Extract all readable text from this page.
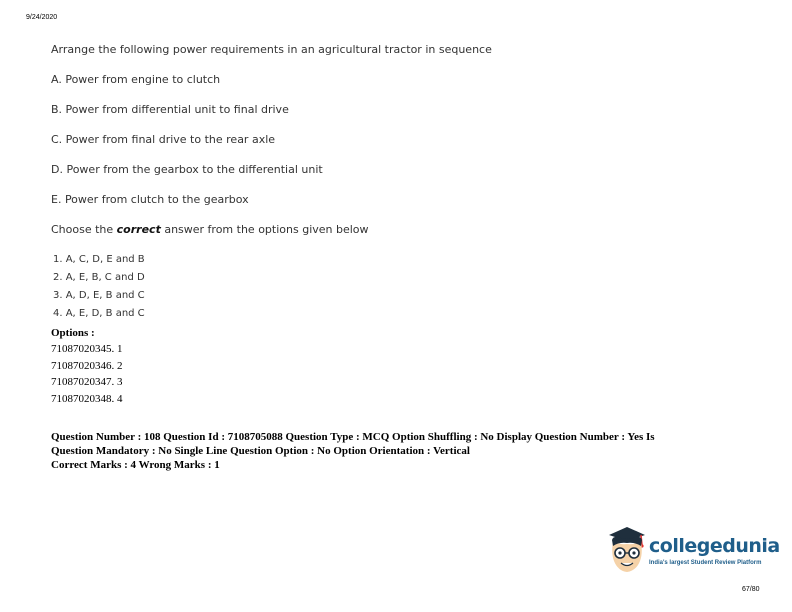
9/24/2020
Arrange the following power requirements in an agricultural tractor in sequence
A. Power from engine to clutch
B. Power from differential unit to final drive
C. Power from final drive to the rear axle
D. Power from the gearbox to the differential unit
E. Power from clutch to the gearbox
Choose the correct answer from the options given below
1. A, C, D, E and B
2. A, E, B, C and D
3. A, D, E, B and C
4. A, E, D, B and C
Options :
71087020345. 1
71087020346. 2
71087020347. 3
71087020348. 4
Question Number : 108 Question Id : 7108705088 Question Type : MCQ Option Shuffling : No Display Question Number : Yes Is
Question Mandatory : No Single Line Question Option : No Option Orientation : Vertical
Correct Marks : 4 Wrong Marks : 1
collegedunia
India's largest Student Review Platform
67/80
